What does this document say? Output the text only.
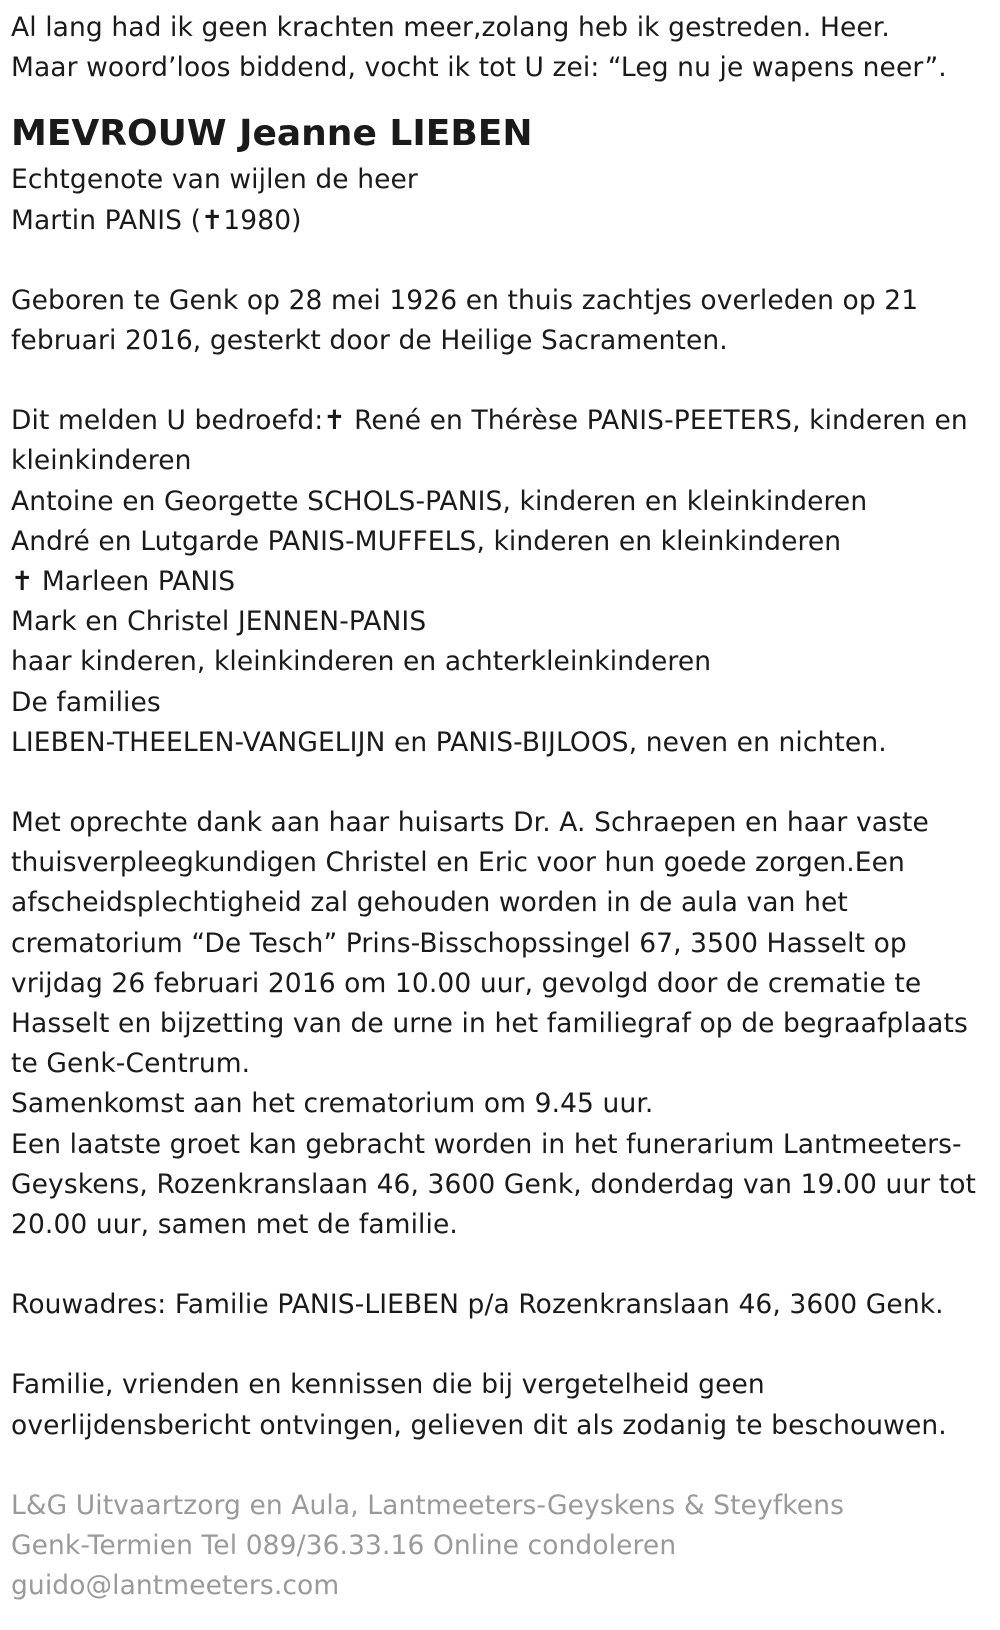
Al lang had ik geen krachten meer,zolang heb ik gestreden. Heer.
Maar woord’loos biddend, vocht ik tot U zei: “Leg nu je wapens neer”.
MEVROUW Jeanne LIEBEN
Echtgenote van wijlen de heer
Martin PANIS (✝1980)
Geboren te Genk op 28 mei 1926 en thuis zachtjes overleden op 21
februari 2016, gesterkt door de Heilige Sacramenten.
Dit melden U bedroefd:✝ René en Thérèse PANIS-PEETERS, kinderen en
kleinkinderen
Antoine en Georgette SCHOLS-PANIS, kinderen en kleinkinderen
André en Lutgarde PANIS-MUFFELS, kinderen en kleinkinderen
✝ Marleen PANIS
Mark en Christel JENNEN-PANIS
haar kinderen, kleinkinderen en achterkleinkinderen
De families
LIEBEN-THEELEN-VANGELIJN en PANIS-BIJLOOS, neven en nichten.
Met oprechte dank aan haar huisarts Dr. A. Schraepen en haar vaste
thuisverpleegkundigen Christel en Eric voor hun goede zorgen.Een
afscheidsplechtigheid zal gehouden worden in de aula van het
crematorium “De Tesch” Prins-Bisschopssingel 67, 3500 Hasselt op
vrijdag 26 februari 2016 om 10.00 uur, gevolgd door de crematie te
Hasselt en bijzetting van de urne in het familiegraf op de begraafplaats
te Genk-Centrum.
Samenkomst aan het crematorium om 9.45 uur.
Een laatste groet kan gebracht worden in het funerarium Lantmeeters-
Geyskens, Rozenkranslaan 46, 3600 Genk, donderdag van 19.00 uur tot
20.00 uur, samen met de familie.
Rouwadres: Familie PANIS-LIEBEN p/a Rozenkranslaan 46, 3600 Genk.
Familie, vrienden en kennissen die bij vergetelheid geen
overlijdensbericht ontvingen, gelieven dit als zodanig te beschouwen.
L&G Uitvaartzorg en Aula, Lantmeeters-Geyskens & Steyfkens
Genk-Termien Tel 089/36.33.16 Online condoleren
guido@lantmeeters.com
